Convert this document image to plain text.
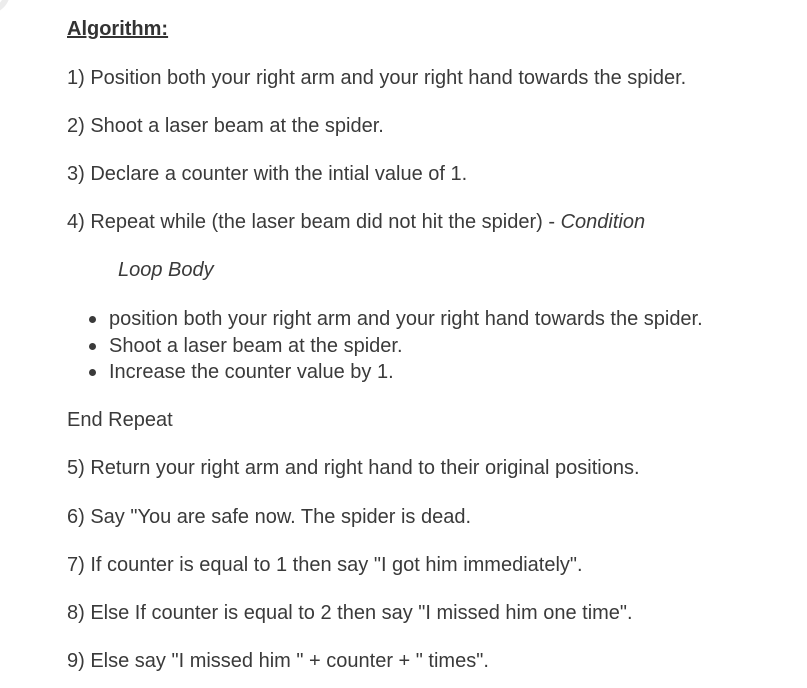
Algorithm:
1) Position both your right arm and your right hand towards the spider.
2) Shoot a laser beam at the spider.
3) Declare a counter with the intial value of 1.
4) Repeat while (the laser beam did not hit the spider) - Condition
Loop Body
position both your right arm and your right hand towards the spider.
Shoot a laser beam at the spider.
Increase the counter value by 1.
End Repeat
5) Return your right arm and right hand to their original positions.
6) Say "You are safe now. The spider is dead.
7) If counter is equal to 1 then say "I got him immediately".
8) Else If counter is equal to 2 then say "I missed him one time".
9) Else say "I missed him " + counter + " times".
